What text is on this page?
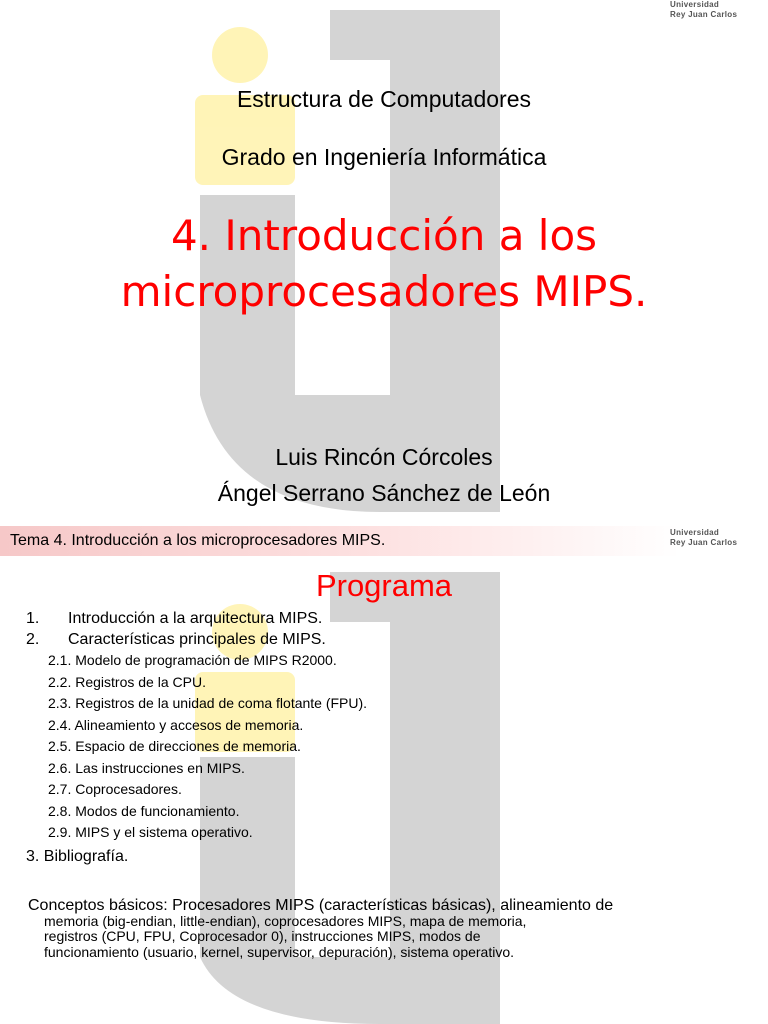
Universidad
Rey Juan Carlos
Estructura de Computadores
Grado en Ingeniería Informática
4. Introducción a los
microprocesadores MIPS.
Luis Rincón Córcoles
Ángel Serrano Sánchez de León
Tema 4. Introducción a los microprocesadores MIPS.	Universidad
Rey Juan Carlos
Programa
1.	Introducción a la arquitectura MIPS.
2.	Características principales de MIPS.
2.1. Modelo de programación de MIPS R2000.
2.2. Registros de la CPU.
2.3. Registros de la unidad de coma flotante (FPU).
2.4. Alineamiento y accesos de memoria.
2.5. Espacio de direcciones de memoria.
2.6. Las instrucciones en MIPS.
2.7. Coprocesadores.
2.8. Modos de funcionamiento.
2.9. MIPS y el sistema operativo.
3. Bibliografía.
Conceptos básicos: Procesadores MIPS (características básicas), alineamiento de
memoria (big-endian, little-endian), coprocesadores MIPS, mapa de memoria,
registros (CPU, FPU, Coprocesador 0), instrucciones MIPS, modos de
funcionamiento (usuario, kernel, supervisor, depuración), sistema operativo.
